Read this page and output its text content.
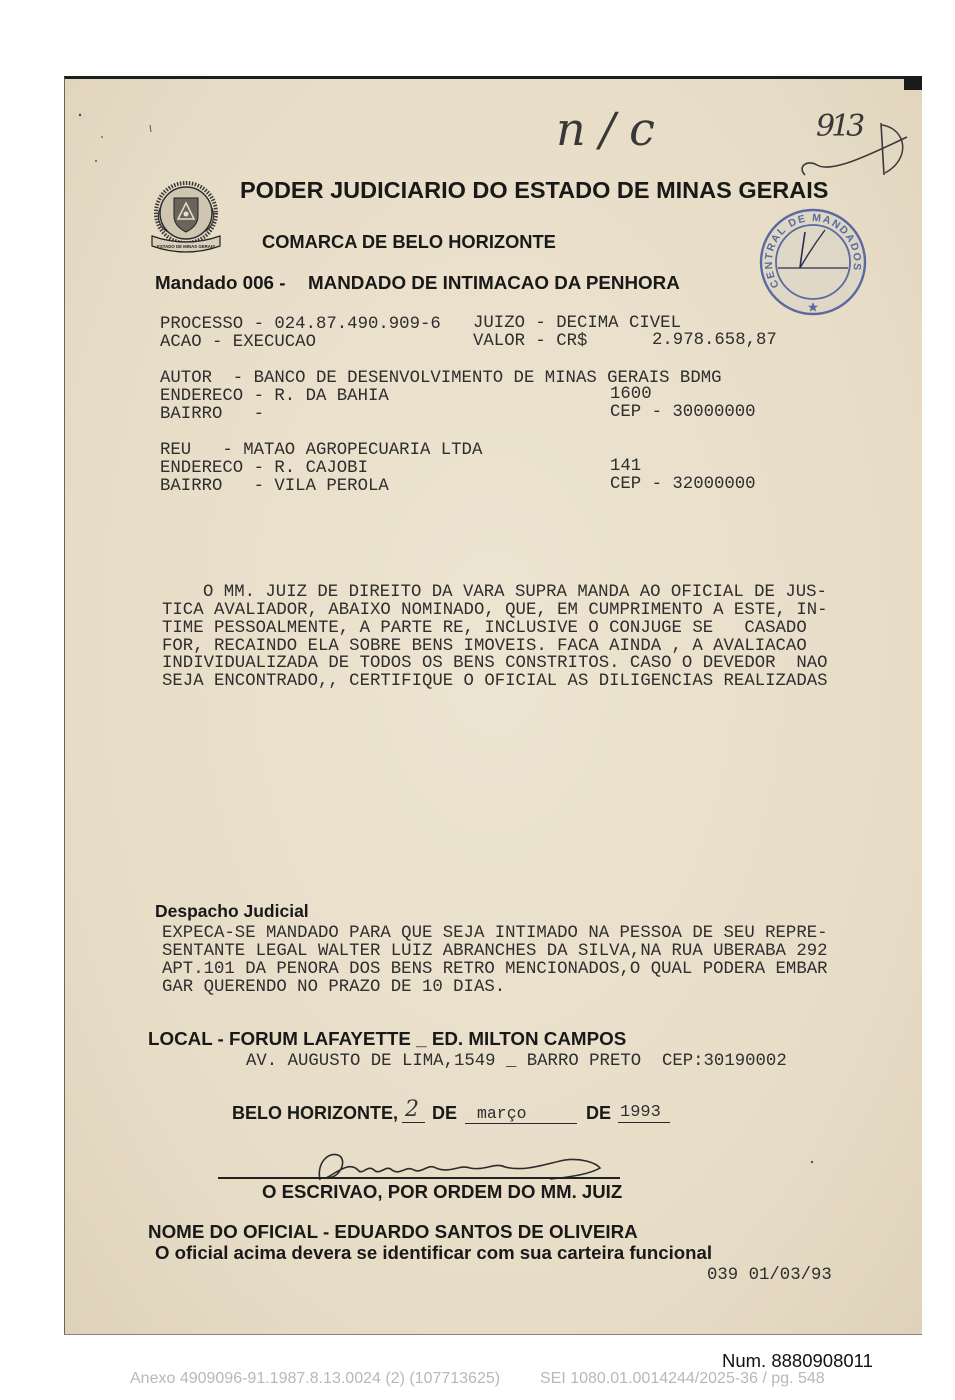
n/c	913
ESTADO DE MINAS GERAIS
PODER JUDICIARIO DO ESTADO DE MINAS GERAIS
COMARCA DE BELO HORIZONTE
CENTRAL DE MANDADOS
Mandado 006 - MANDADO DE INTIMACAO DA PENHORA
PROCESSO - 024.87.490.909-6 JUIZO - DECIMA CIVEL
ACAO - EXECUCAO	VALOR - CR$	2.978.658,87
AUTOR  - BANCO DE DESENVOLVIMENTO DE MINAS GERAIS BDMG
ENDERECO - R. DA BAHIA	1600
BAIRRO   -	CEP - 30000000
REU   - MATAO AGROPECUARIA LTDA
ENDERECO - R. CAJOBI	141
BAIRRO   - VILA PEROLA	CEP - 32000000
O MM. JUIZ DE DIREITO DA VARA SUPRA MANDA AO OFICIAL DE JUS-
TICA AVALIADOR, ABAIXO NOMINADO, QUE, EM CUMPRIMENTO A ESTE, IN-
TIME PESSOALMENTE, A PARTE RE, INCLUSIVE O CONJUGE SE   CASADO
FOR, RECAINDO ELA SOBRE BENS IMOVEIS. FACA AINDA , A AVALIACAO
INDIVIDUALIZADA DE TODOS OS BENS CONSTRITOS. CASO O DEVEDOR  NAO
SEJA ENCONTRADO,, CERTIFIQUE O OFICIAL AS DILIGENCIAS REALIZADAS
Despacho Judicial
EXPECA-SE MANDADO PARA QUE SEJA INTIMADO NA PESSOA DE SEU REPRE-
SENTANTE LEGAL WALTER LUIZ ABRANCHES DA SILVA,NA RUA UBERABA 292
APT.101 DA PENORA DOS BENS RETRO MENCIONADOS,O QUAL PODERA EMBAR
GAR QUERENDO NO PRAZO DE 10 DIAS.
LOCAL - FORUM LAFAYETTE _ ED. MILTON CAMPOS
AV. AUGUSTO DE LIMA,1549 _ BARRO PRETO  CEP:30190002
BELO HORIZONTE, 2 DE março	DE 1993
O ESCRIVAO, POR ORDEM DO MM. JUIZ
NOME DO OFICIAL - EDUARDO SANTOS DE OLIVEIRA
O oficial acima devera se identificar com sua carteira funcional
039 01/03/93
Num. 8880908011
Anexo 4909096-91.1987.8.13.0024 (2) (107713625) SEI 1080.01.0014244/2025-36 / pg. 548
